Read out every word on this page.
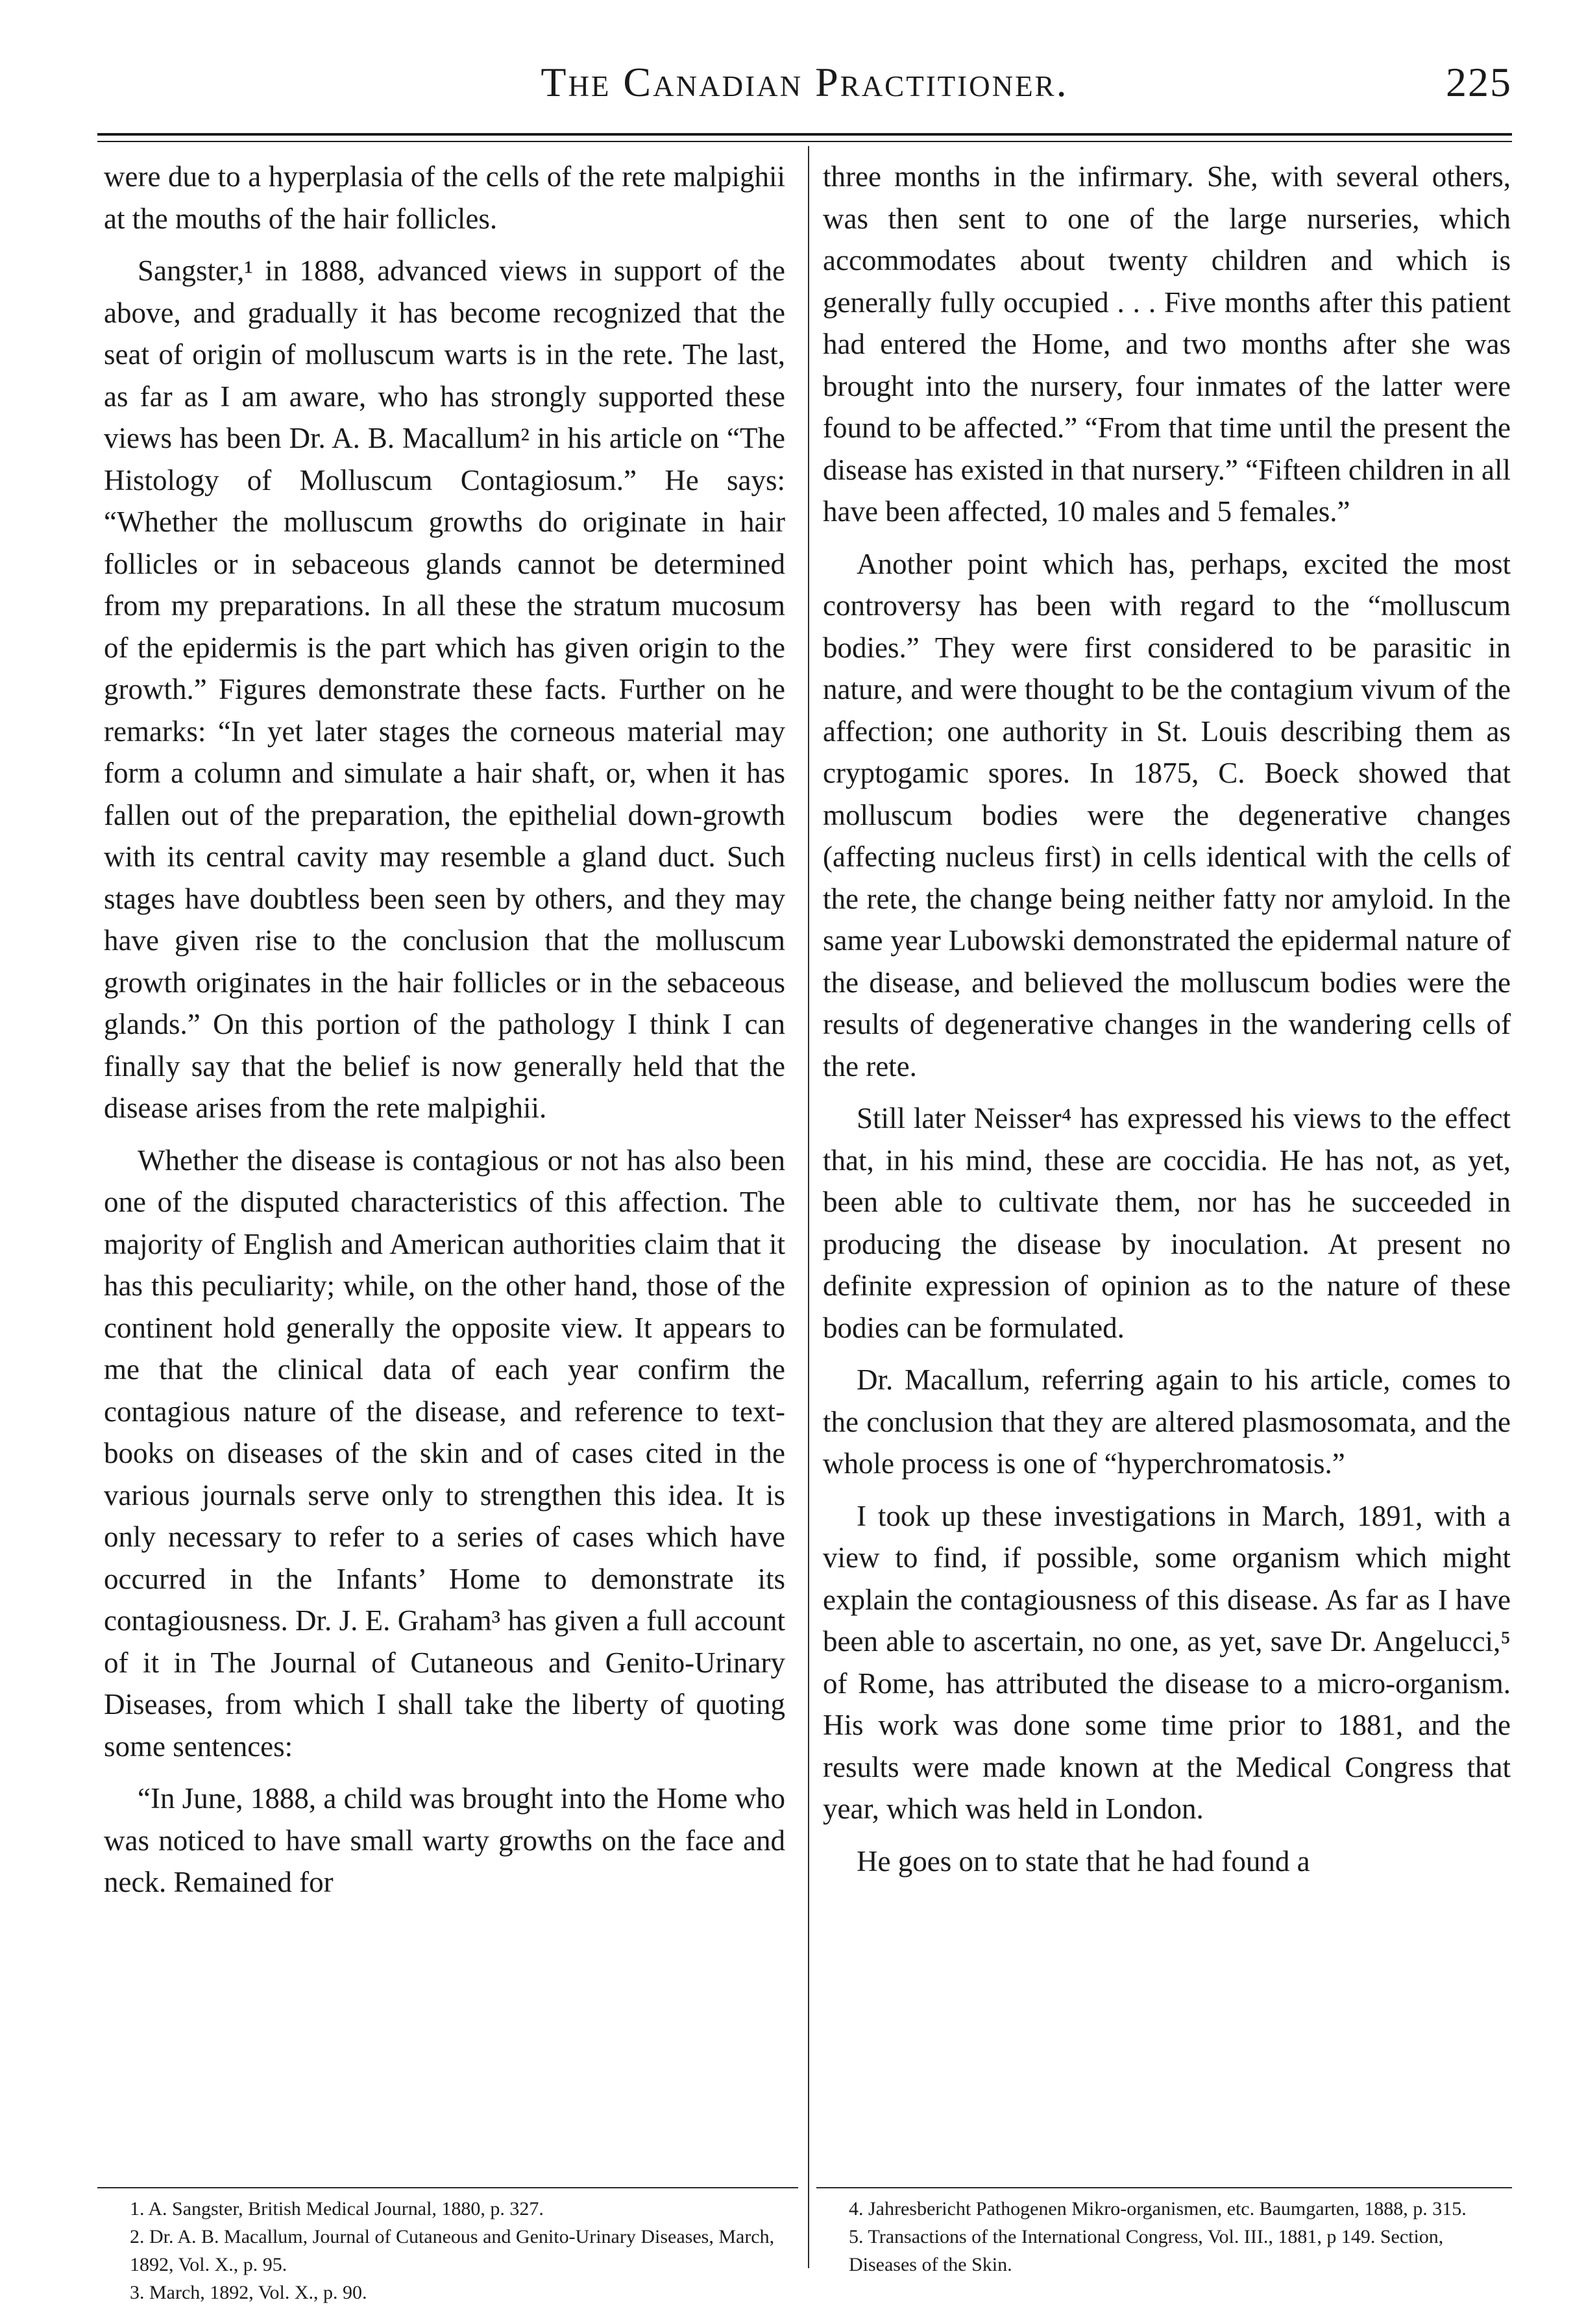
The Canadian Practitioner.	225

were due to a hyperplasia of the cells of the rete malpighii at the mouths of the hair follicles.

Sangster,¹ in 1888, advanced views in support of the above, and gradually it has become recognized that the seat of origin of molluscum warts is in the rete. The last, as far as I am aware, who has strongly supported these views has been Dr. A. B. Macallum² in his article on “The Histology of Molluscum Contagiosum.” He says: “Whether the molluscum growths do originate in hair follicles or in sebaceous glands cannot be determined from my preparations. In all these the stratum mucosum of the epidermis is the part which has given origin to the growth.” Figures demonstrate these facts. Further on he remarks: “In yet later stages the corneous material may form a column and simulate a hair shaft, or, when it has fallen out of the preparation, the epithelial down-growth with its central cavity may resemble a gland duct. Such stages have doubtless been seen by others, and they may have given rise to the conclusion that the molluscum growth originates in the hair follicles or in the sebaceous glands.” On this portion of the pathology I think I can finally say that the belief is now generally held that the disease arises from the rete malpighii.

Whether the disease is contagious or not has also been one of the disputed characteristics of this affection. The majority of English and American authorities claim that it has this peculiarity; while, on the other hand, those of the continent hold generally the opposite view. It appears to me that the clinical data of each year confirm the contagious nature of the disease, and reference to text-books on diseases of the skin and of cases cited in the various journals serve only to strengthen this idea. It is only necessary to refer to a series of cases which have occurred in the Infants’ Home to demonstrate its contagiousness. Dr. J. E. Graham³ has given a full account of it in The Journal of Cutaneous and Genito-Urinary Diseases, from which I shall take the liberty of quoting some sentences:

“In June, 1888, a child was brought into the Home who was noticed to have small warty growths on the face and neck. Remained for

three months in the infirmary. She, with several others, was then sent to one of the large nurseries, which accommodates about twenty children and which is generally fully occupied . . . Five months after this patient had entered the Home, and two months after she was brought into the nursery, four inmates of the latter were found to be affected.” “From that time until the present the disease has existed in that nursery.” “Fifteen children in all have been affected, 10 males and 5 females.”

Another point which has, perhaps, excited the most controversy has been with regard to the “molluscum bodies.” They were first considered to be parasitic in nature, and were thought to be the contagium vivum of the affection; one authority in St. Louis describing them as cryptogamic spores. In 1875, C. Boeck showed that molluscum bodies were the degenerative changes (affecting nucleus first) in cells identical with the cells of the rete, the change being neither fatty nor amyloid. In the same year Lubowski demonstrated the epidermal nature of the disease, and believed the molluscum bodies were the results of degenerative changes in the wandering cells of the rete.

Still later Neisser⁴ has expressed his views to the effect that, in his mind, these are coccidia. He has not, as yet, been able to cultivate them, nor has he succeeded in producing the disease by inoculation. At present no definite expression of opinion as to the nature of these bodies can be formulated.

Dr. Macallum, referring again to his article, comes to the conclusion that they are altered plasmosomata, and the whole process is one of “hyperchromatosis.”

I took up these investigations in March, 1891, with a view to find, if possible, some organism which might explain the contagiousness of this disease. As far as I have been able to ascertain, no one, as yet, save Dr. Angelucci,⁵ of Rome, has attributed the disease to a micro-organism. His work was done some time prior to 1881, and the results were made known at the Medical Congress that year, which was held in London.

He goes on to state that he had found a

1. A. Sangster, British Medical Journal, 1880, p. 327.

2. Dr. A. B. Macallum, Journal of Cutaneous and Genito-Urinary Diseases, March, 1892, Vol. X., p. 95.

3. March, 1892, Vol. X., p. 90.

4. Jahresbericht Pathogenen Mikro-organismen, etc. Baumgarten, 1888, p. 315.

5. Transactions of the International Congress, Vol. III., 1881, p 149. Section, Diseases of the Skin.
